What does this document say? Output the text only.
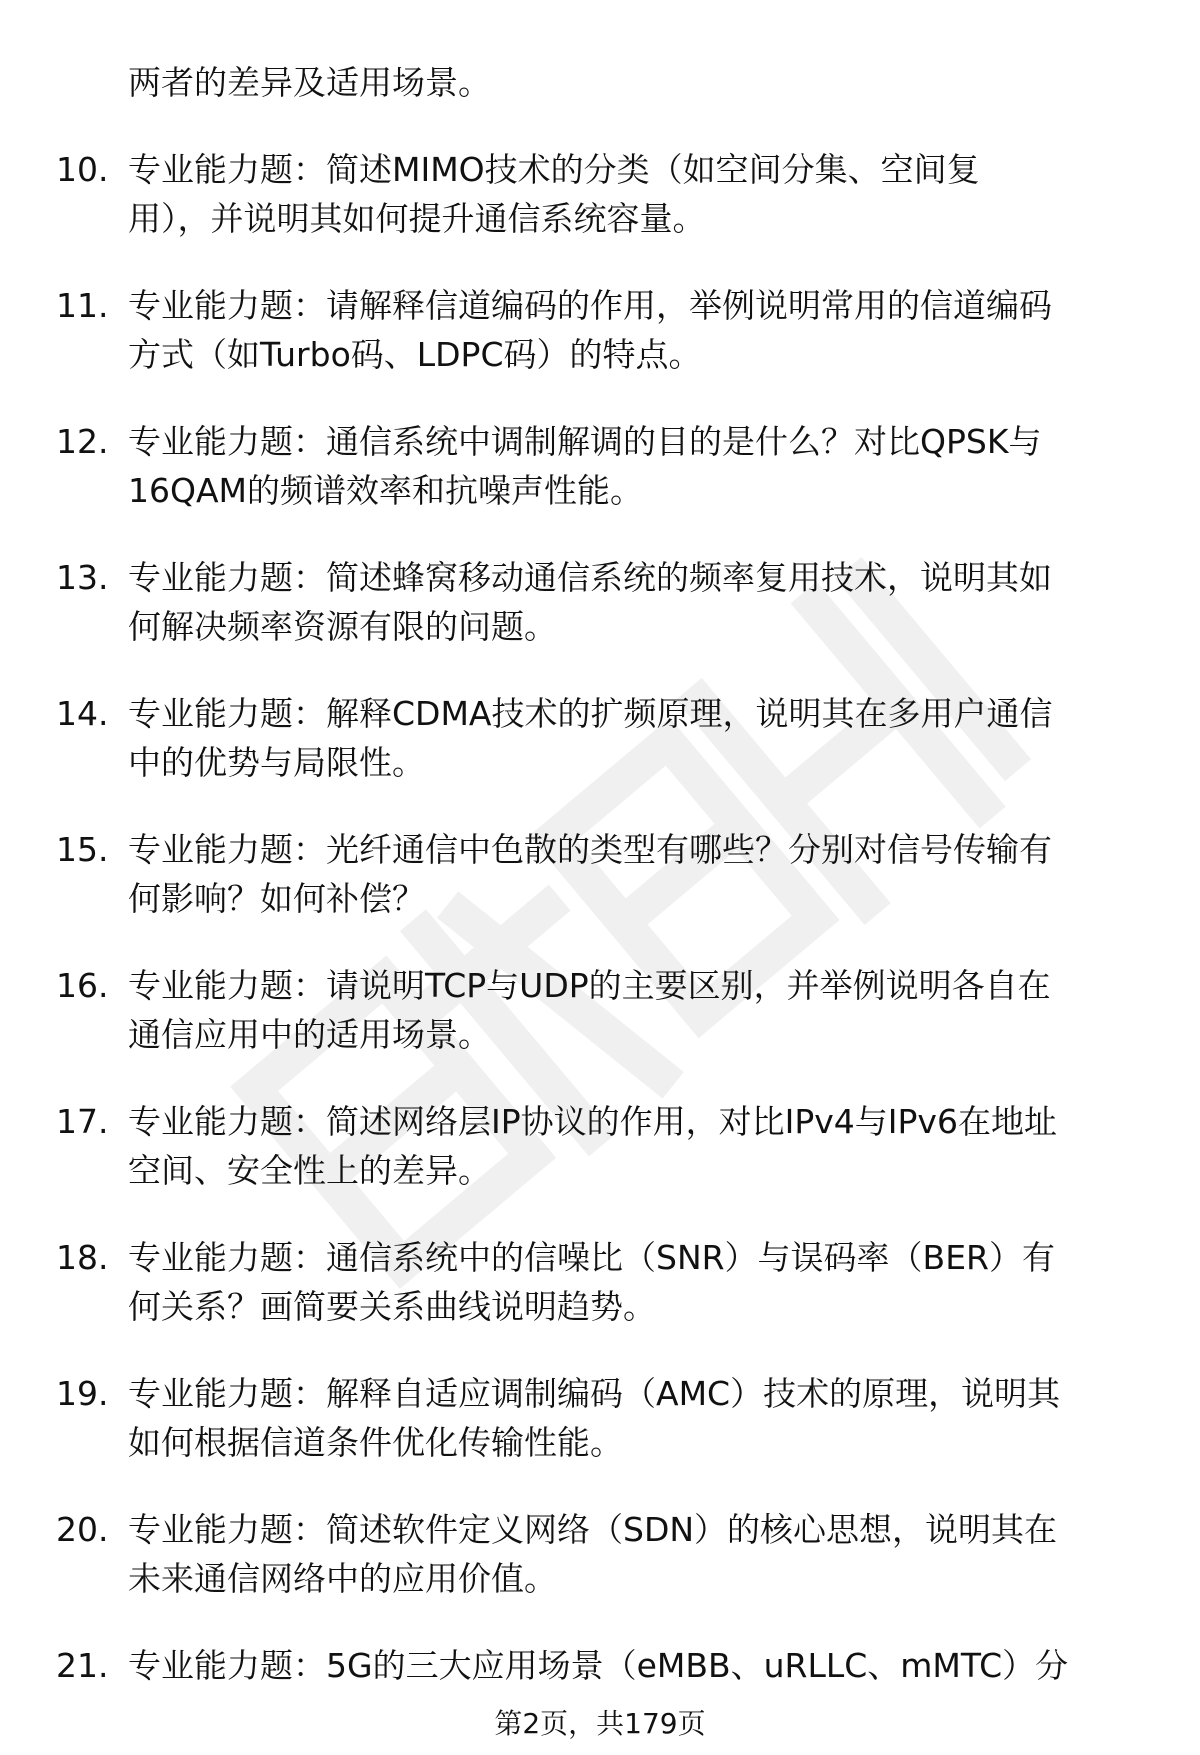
两者的差异及适用场景。
10. 专业能力题：简述MIMO技术的分类（如空间分集、空间复
用），并说明其如何提升通信系统容量。
11. 专业能力题：请解释信道编码的作用，举例说明常用的信道编码
方式（如Turbo码、LDPC码）的特点。
12. 专业能力题：通信系统中调制解调的目的是什么？对比QPSK与
16QAM的频谱效率和抗噪声性能。
13. 专业能力题：简述蜂窝移动通信系统的频率复用技术，说明其如
何解决频率资源有限的问题。
14. 专业能力题：解释CDMA技术的扩频原理，说明其在多用户通信
中的优势与局限性。
15. 专业能力题：光纤通信中色散的类型有哪些？分别对信号传输有
何影响？如何补偿？
16. 专业能力题：请说明TCP与UDP的主要区别，并举例说明各自在
通信应用中的适用场景。
17. 专业能力题：简述网络层IP协议的作用，对比IPv4与IPv6在地址
空间、安全性上的差异。
18. 专业能力题：通信系统中的信噪比（SNR）与误码率（BER）有
何关系？画简要关系曲线说明趋势。
19. 专业能力题：解释自适应调制编码（AMC）技术的原理，说明其
如何根据信道条件优化传输性能。
20. 专业能力题：简述软件定义网络（SDN）的核心思想，说明其在
未来通信网络中的应用价值。
21. 专业能力题：5G的三大应用场景（eMBB、uRLLC、mMTC）分
第2页，共179页
